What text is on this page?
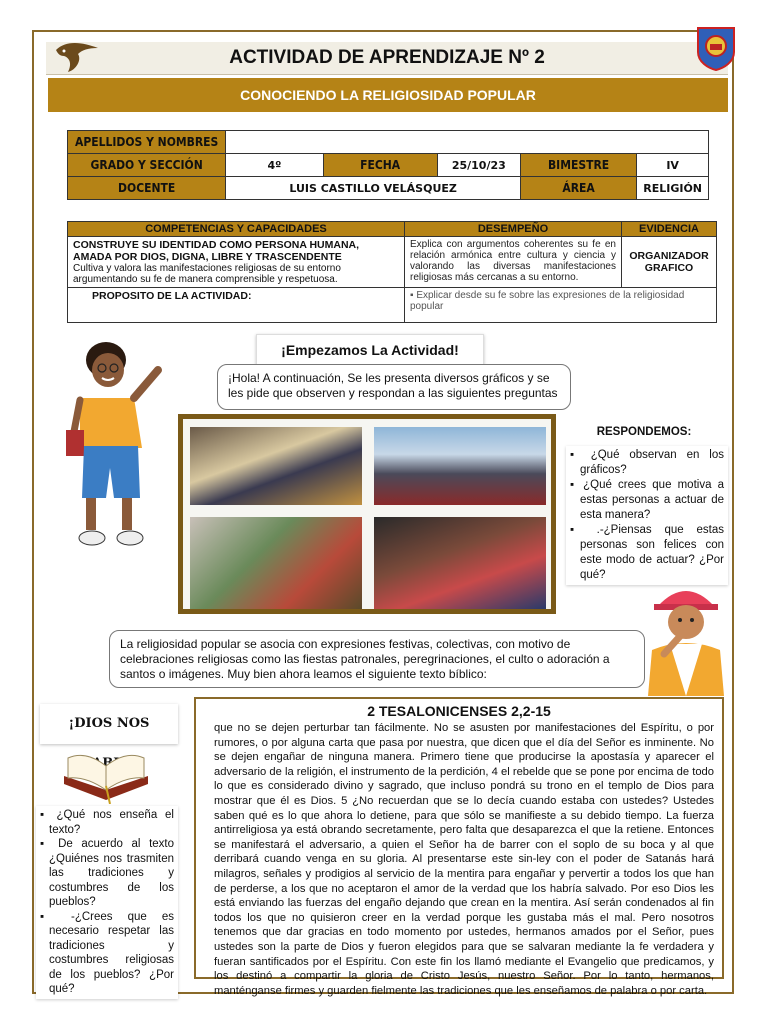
ACTIVIDAD DE APRENDIZAJE Nº 2
CONOCIENDO LA RELIGIOSIDAD POPULAR
APELLIDOS Y NOMBRES					
GRADO Y SECCIÓN	4º	FECHA	25/10/23	BIMESTRE	IV
DOCENTE	LUIS CASTILLO VELÁSQUEZ			ÁREA	RELIGIÓN
COMPETENCIAS Y CAPACIDADES	DESEMPEÑO	EVIDENCIA

CONSTRUYE SU IDENTIDAD COMO PERSONA HUMANA, AMADA POR DIOS, DIGNA, LIBRE Y TRASCENDENTE
Cultiva y valora las manifestaciones religiosas de su entorno argumentando su fe de manera comprensible y respetuosa.	Explica con argumentos coherentes su fe en relación armónica entre cultura y ciencia y valorando las diversas manifestaciones religiosas más cercanas a su entorno.	ORGANIZADOR GRAFICO
PROPOSITO DE LA ACTIVIDAD:	▪ Explicar desde su fe sobre las expresiones de la religiosidad popular	
¡Empezamos La Actividad!
¡Hola! A continuación, Se les presenta diversos gráficos y se les pide que observen y respondan a las siguientes preguntas
RESPONDEMOS:
▪ ¿Qué observan en los gráficos?
▪ ¿Qué crees que motiva a estas personas a actuar de esta manera?
▪ .-¿Piensas que estas personas son felices con este modo de actuar? ¿Por qué?
La religiosidad popular se asocia con expresiones festivas, colectivas, con motivo de celebraciones religiosas como las fiestas patronales, peregrinaciones, el culto o adoración a santos o imágenes. Muy bien ahora leamos el siguiente texto bíblico:
¡DIOS NOS
▪ ¿Qué nos enseña el texto?
▪ De acuerdo al texto ¿Quiénes nos trasmiten las tradiciones y costumbres de los pueblos?
▪ -¿Crees que es necesario respetar las tradiciones y costumbres religiosas de los pueblos? ¿Por qué?
2 TESALONICENSES 2,2-15
que no se dejen perturbar tan fácilmente. No se asusten por manifestaciones del Espíritu, o por rumores, o por alguna carta que pasa por nuestra, que dicen que el día del Señor es inminente. No se dejen engañar de ninguna manera. Primero tiene que producirse la apostasía y aparecer el adversario de la religión, el instrumento de la perdición, 4 el rebelde que se pone por encima de todo lo que es considerado divino y sagrado, que incluso pondrá su trono en el templo de Dios para mostrar que él es Dios. 5 ¿No recuerdan que se lo decía cuando estaba con ustedes? Ustedes saben qué es lo que ahora lo detiene, para que sólo se manifieste a su debido tiempo. La fuerza antirreligiosa ya está obrando secretamente, pero falta que desaparezca el que la retiene. Entonces se manifestará el adversario, a quien el Señor ha de barrer con el soplo de su boca y al que derribará cuando venga en su gloria. Al presentarse este sin-ley con el poder de Satanás hará milagros, señales y prodigios al servicio de la mentira para engañar y pervertir a todos los que han de perderse, a los que no aceptaron el amor de la verdad que los habría salvado. Por eso Dios les está enviando las fuerzas del engaño dejando que crean en la mentira. Así serán condenados al fin todos los que no quisieron creer en la verdad porque les gustaba más el mal. Pero nosotros tenemos que dar gracias en todo momento por ustedes, hermanos amados por el Señor, pues ustedes son la parte de Dios y fueron elegidos para que se salvaran mediante la fe verdadera y fueran santificados por el Espíritu. Con este fin los llamó mediante el Evangelio que predicamos, y los destinó a compartir la gloria de Cristo Jesús, nuestro Señor. Por lo tanto, hermanos, manténganse firmes y guarden fielmente las tradiciones que les enseñamos de palabra o por carta.
